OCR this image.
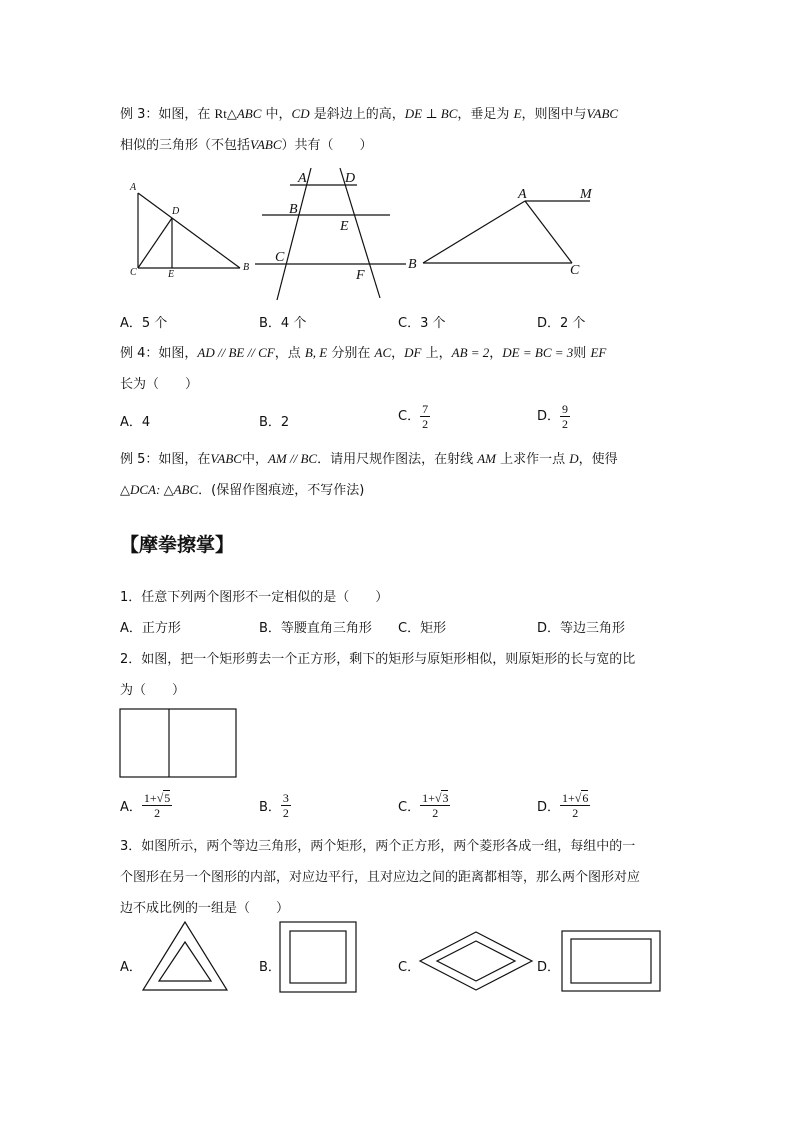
例 3：如图，在 Rt△ABC 中，CD 是斜边上的高，DE ⊥ BC，垂足为 E，则图中与VABC
相似的三角形（不包括VABC）共有（　　）
A
D
C	E
B
A	D
B
E
C
F
A	M
B	C
A．5 个	B．4 个	C．3 个	D．2 个
例 4：如图，AD // BE // CF，点 B, E 分别在 AC，DF 上，AB = 2，DE = BC = 3则 EF
长为（　　）
A．4	B．2	C． $\frac{7}{2}$	D． $\frac{9}{2}$
例 5：如图，在VABC中，AM // BC．请用尺规作图法，在射线 AM 上求作一点 D，使得
△DCA: △ABC．(保留作图痕迹，不写作法)
【摩拳擦掌】
1．任意下列两个图形不一定相似的是（　　）
A．正方形	B．等腰直角三角形 C．矩形	D．等边三角形
2．如图，把一个矩形剪去一个正方形，剩下的矩形与原矩形相似，则原矩形的长与宽的比
为（　　）
A． $\frac{1+√5}{2}$	B． $\frac{3}{2}$	C． $\frac{1+√3}{2}$	D． $\frac{1+√6}{2}$
3．如图所示，两个等边三角形，两个矩形，两个正方形，两个菱形各成一组，每组中的一
个图形在另一个图形的内部，对应边平行，且对应边之间的距离都相等，那么两个图形对应
边不成比例的一组是（　　）
A．	B．	C．	D．
